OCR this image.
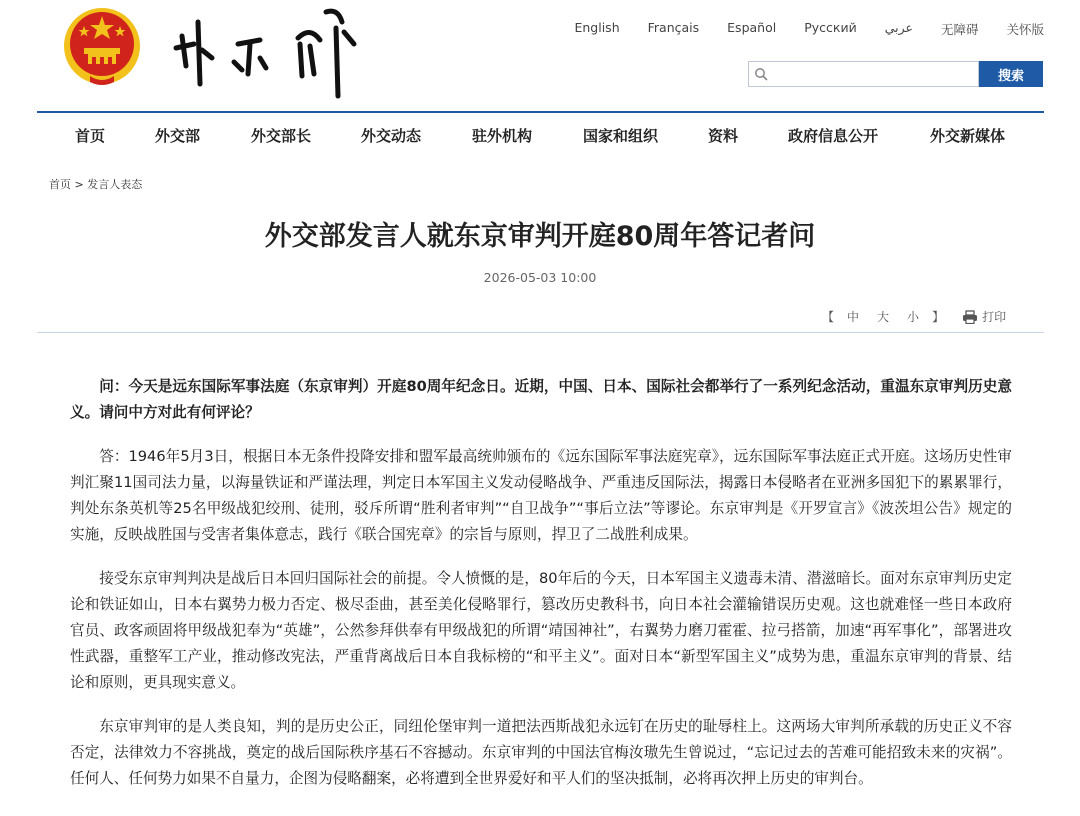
English Français Español Русский عربي 无障碍 关怀版
搜索
首页	外交部	外交部长	外交动态	驻外机构	国家和组织	资料	政府信息公开	外交新媒体
首页 > 发言人表态
外交部发言人就东京审判开庭80周年答记者问
2026-05-03 10:00
【 中 大 小 】	打印

问：今天是远东国际军事法庭（东京审判）开庭80周年纪念日。近期，中国、日本、国际社会都举行了一系列纪念活动，重温东京审判历史意义。请问中方对此有何评论？

答：1946年5月3日，根据日本无条件投降安排和盟军最高统帅颁布的《远东国际军事法庭宪章》，远东国际军事法庭正式开庭。这场历史性审判汇聚11国司法力量，以海量铁证和严谨法理，判定日本军国主义发动侵略战争、严重违反国际法，揭露日本侵略者在亚洲多国犯下的累累罪行，判处东条英机等25名甲级战犯绞刑、徒刑，驳斥所谓“胜利者审判”“自卫战争”“事后立法”等谬论。东京审判是《开罗宣言》《波茨坦公告》规定的实施，反映战胜国与受害者集体意志，践行《联合国宪章》的宗旨与原则，捍卫了二战胜利成果。

接受东京审判判决是战后日本回归国际社会的前提。令人愤慨的是，80年后的今天，日本军国主义遗毒未清、潜滋暗长。面对东京审判历史定论和铁证如山，日本右翼势力极力否定、极尽歪曲，甚至美化侵略罪行，篡改历史教科书，向日本社会灌输错误历史观。这也就难怪一些日本政府官员、政客顽固将甲级战犯奉为“英雄”，公然参拜供奉有甲级战犯的所谓“靖国神社”，右翼势力磨刀霍霍、拉弓搭箭，加速“再军事化”，部署进攻性武器，重整军工产业，推动修改宪法，严重背离战后日本自我标榜的“和平主义”。面对日本“新型军国主义”成势为患，重温东京审判的背景、结论和原则，更具现实意义。

东京审判审的是人类良知，判的是历史公正，同纽伦堡审判一道把法西斯战犯永远钉在历史的耻辱柱上。这两场大审判所承载的历史正义不容否定，法律效力不容挑战，奠定的战后国际秩序基石不容撼动。东京审判的中国法官梅汝璈先生曾说过，“忘记过去的苦难可能招致未来的灾祸”。任何人、任何势力如果不自量力，企图为侵略翻案，必将遭到全世界爱好和平人们的坚决抵制，必将再次押上历史的审判台。
